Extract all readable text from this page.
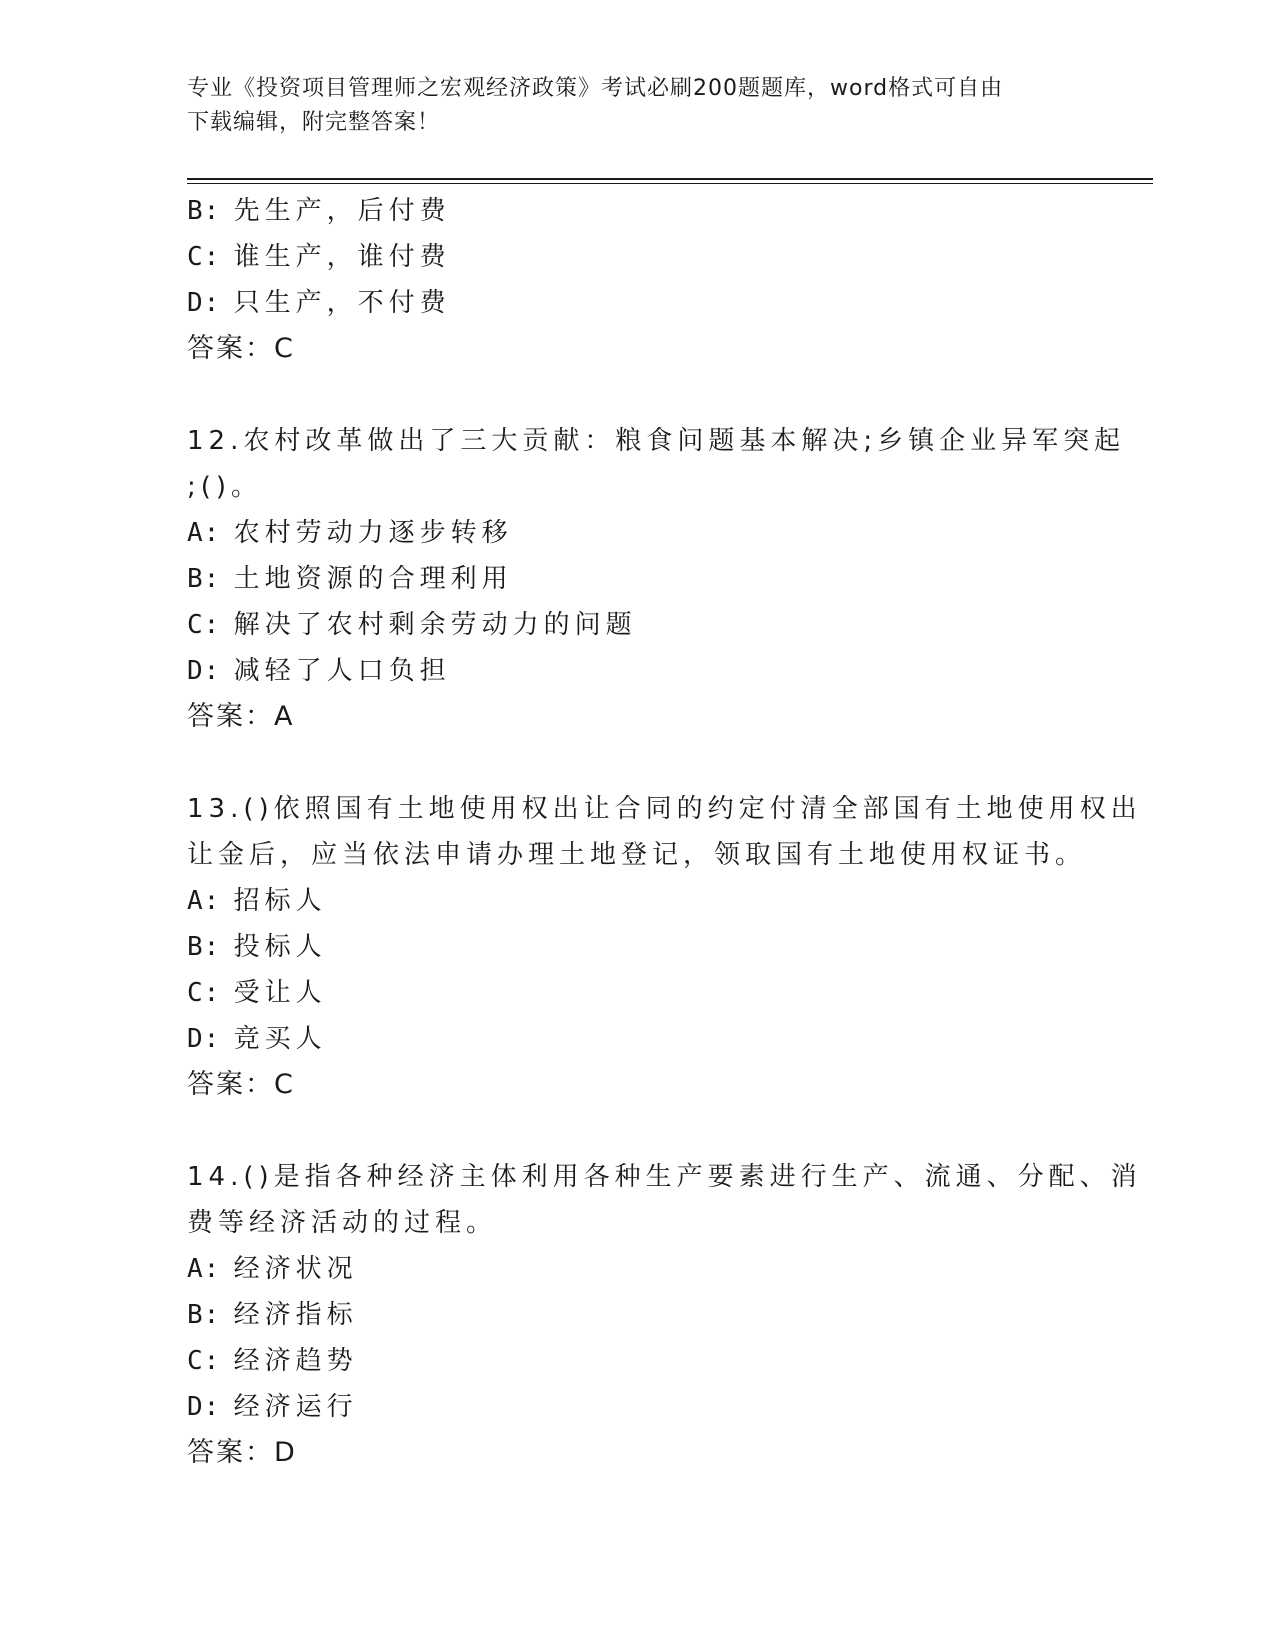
专业《投资项目管理师之宏观经济政策》考试必刷200题题库，word格式可自由
下载编辑，附完整答案！
B: 先生产，后付费
C: 谁生产，谁付费
D: 只生产，不付费
答案：C
12.农村改革做出了三大贡献：粮食问题基本解决;乡镇企业异军突起
;()。
A: 农村劳动力逐步转移
B: 土地资源的合理利用
C: 解决了农村剩余劳动力的问题
D: 减轻了人口负担
答案：A
13.()依照国有土地使用权出让合同的约定付清全部国有土地使用权出
让金后，应当依法申请办理土地登记，领取国有土地使用权证书。
A: 招标人
B: 投标人
C: 受让人
D: 竞买人
答案：C
14.()是指各种经济主体利用各种生产要素进行生产、流通、分配、消
费等经济活动的过程。
A: 经济状况
B: 经济指标
C: 经济趋势
D: 经济运行
答案：D
